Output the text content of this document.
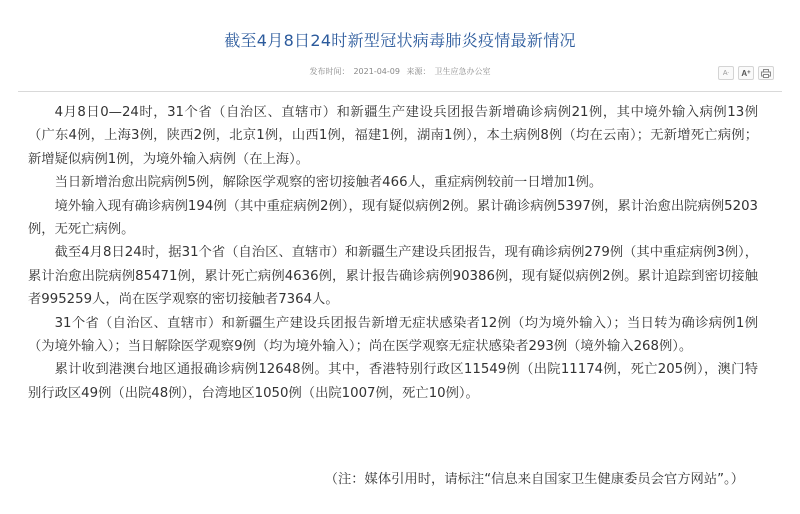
截至4月8日24时新型冠状病毒肺炎疫情最新情况
发布时间： 2021-04-09 来源： 卫生应急办公室	A - A +

4月8日0—24时，31个省（自治区、直辖市）和新疆生产建设兵团报告新增确诊病例21例，其中境外输入病例13例（广东4例，上海3例，陕西2例，北京1例，山西1例，福建1例，湖南1例），本土病例8例（均在云南）；无新增死亡病例；新增疑似病例1例，为境外输入病例（在上海）。

当日新增治愈出院病例5例，解除医学观察的密切接触者466人，重症病例较前一日增加1例。

境外输入现有确诊病例194例（其中重症病例2例），现有疑似病例2例。累计确诊病例5397例，累计治愈出院病例5203例，无死亡病例。

截至4月8日24时，据31个省（自治区、直辖市）和新疆生产建设兵团报告，现有确诊病例279例（其中重症病例3例），累计治愈出院病例85471例，累计死亡病例4636例，累计报告确诊病例90386例，现有疑似病例2例。累计追踪到密切接触者995259人，尚在医学观察的密切接触者7364人。

31个省（自治区、直辖市）和新疆生产建设兵团报告新增无症状感染者12例（均为境外输入）；当日转为确诊病例1例（为境外输入）；当日解除医学观察9例（均为境外输入）；尚在医学观察无症状感染者293例（境外输入268例）。

累计收到港澳台地区通报确诊病例12648例。其中，香港特别行政区11549例（出院11174例，死亡205例），澳门特别行政区49例（出院48例），台湾地区1050例（出院1007例，死亡10例）。

（注：媒体引用时，请标注“信息来自国家卫生健康委员会官方网站”。）
